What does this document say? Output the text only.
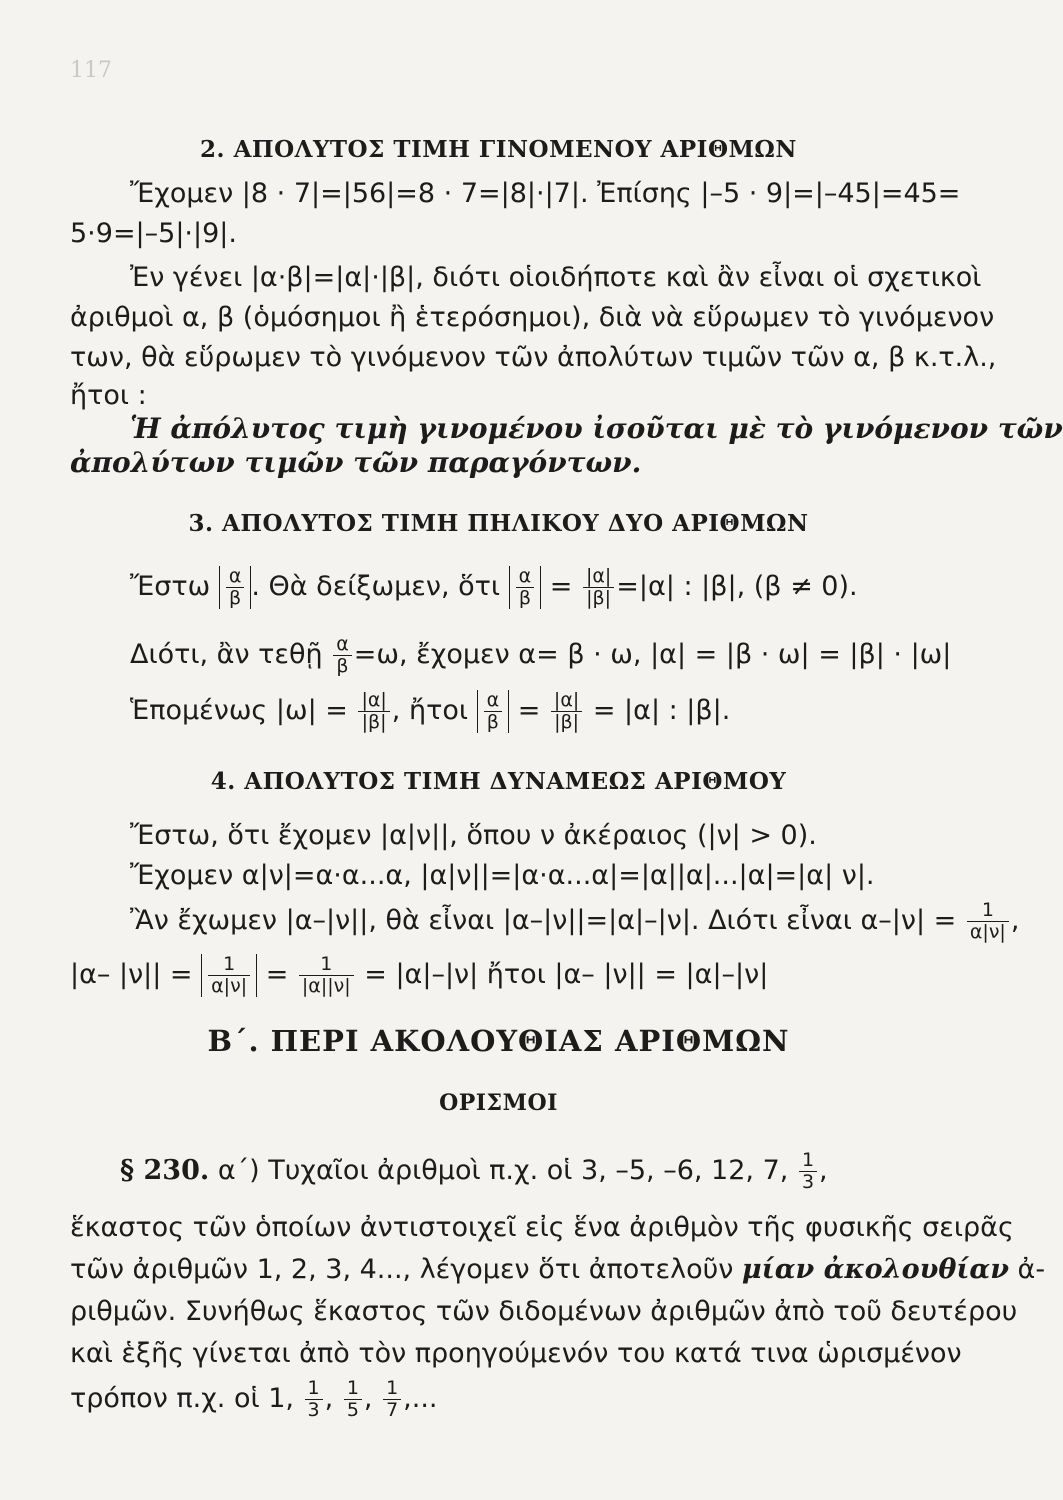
117
2. ΑΠΟΛΥΤΟΣ ΤΙΜΗ ΓΙΝΟΜΕΝΟΥ ΑΡΙΘΜΩΝ
Ἔχομεν |8 · 7|=|56|=8 · 7=|8|·|7|. Ἐπίσης |–5 · 9|=|–45|=45=
5·9=|–5|·|9|.
Ἐν γένει |α·β|=|α|·|β|, διότι οἱοιδήποτε καὶ ἂν εἶναι οἱ σχετικοὶ
ἀριθμοὶ α, β (ὁμόσημοι ἢ ἑτερόσημοι), διὰ νὰ εὕρωμεν τὸ γινόμενον
των, θὰ εὕρωμεν τὸ γινόμενον τῶν ἀπολύτων τιμῶν τῶν α, β κ.τ.λ.,
ἤτοι :
Ἡ ἀπόλυτος τιμὴ γινομένου ἰσοῦται μὲ τὸ γινόμενον τῶν
ἀπολύτων τιμῶν τῶν παραγόντων.
3. ΑΠΟΛΥΤΟΣ ΤΙΜΗ ΠΗΛΙΚΟΥ ΔΥΟ ΑΡΙΘΜΩΝ
Ἔστω $\frac{\alpha}{\beta}$ . Θὰ δείξωμεν, ὅτι $\frac{\alpha}{\beta} = \frac{|\alpha|}{|\beta|} =|\alpha|$ : |β|, (β ≠ 0).
Διότι, ἂν τεθῇ $\frac{\alpha}{\beta} =\omega$, ἔχομεν α= β · ω, |α| = |β · ω| = |β| · |ω|
Ἑπομένως $|\omega| = \frac{|\alpha|}{|\beta|}$ , ἤτοι $\frac{\alpha}{\beta} = \frac{|\alpha|}{|\beta|} = |\alpha|$ : |β|.
4. ΑΠΟΛΥΤΟΣ ΤΙΜΗ ΔΥΝΑΜΕΩΣ ΑΡΙΘΜΟΥ
Ἔστω, ὅτι ἔχομεν |α|ν||, ὅπου ν ἀκέραιος (|ν| > 0).
Ἔχομεν α|ν|=α·α...α, |α|ν||=|α·α...α|=|α||α|...|α|=|α| ν|.
Ἂν ἔχωμεν |α–|ν||, θὰ εἶναι |α–|ν||=|α|–|ν|. Διότι εἶναι $\alpha-|\nu| = \frac{1}{\alpha|\nu|}$ ,
|α– $|\nu|| = \frac{1}{\alpha|\nu|} = \frac{1}{|\alpha||\nu|} = |\alpha|-|\nu|$ ἤτοι |α– |ν|| = |α|–|ν|
Β΄. ΠΕΡΙ ΑΚΟΛΟΥΘΙΑΣ ΑΡΙΘΜΩΝ
ΟΡΙΣΜΟΙ
§ 230. α΄) Τυχαῖοι ἀριθμοὶ π.χ. οἱ 3, –5, –6, 12, 7, $\frac{1}{3}$ ,
ἕκαστος τῶν ὁποίων ἀντιστοιχεῖ εἰς ἕνα ἀριθμὸν τῆς φυσικῆς σειρᾶς
τῶν ἀριθμῶν 1, 2, 3, 4..., λέγομεν ὅτι ἀποτελοῦν μίαν ἀκολουθίαν ἀ-
ριθμῶν. Συνήθως ἕκαστος τῶν διδομένων ἀριθμῶν ἀπὸ τοῦ δευτέρου
καὶ ἑξῆς γίνεται ἀπὸ τὸν προηγούμενόν του κατά τινα ὡρισμένον
τρόπον π.χ. οἱ 1, $\frac{1}{3}$ , $\frac{1}{5}$ , $\frac{1}{7}$ ,...
